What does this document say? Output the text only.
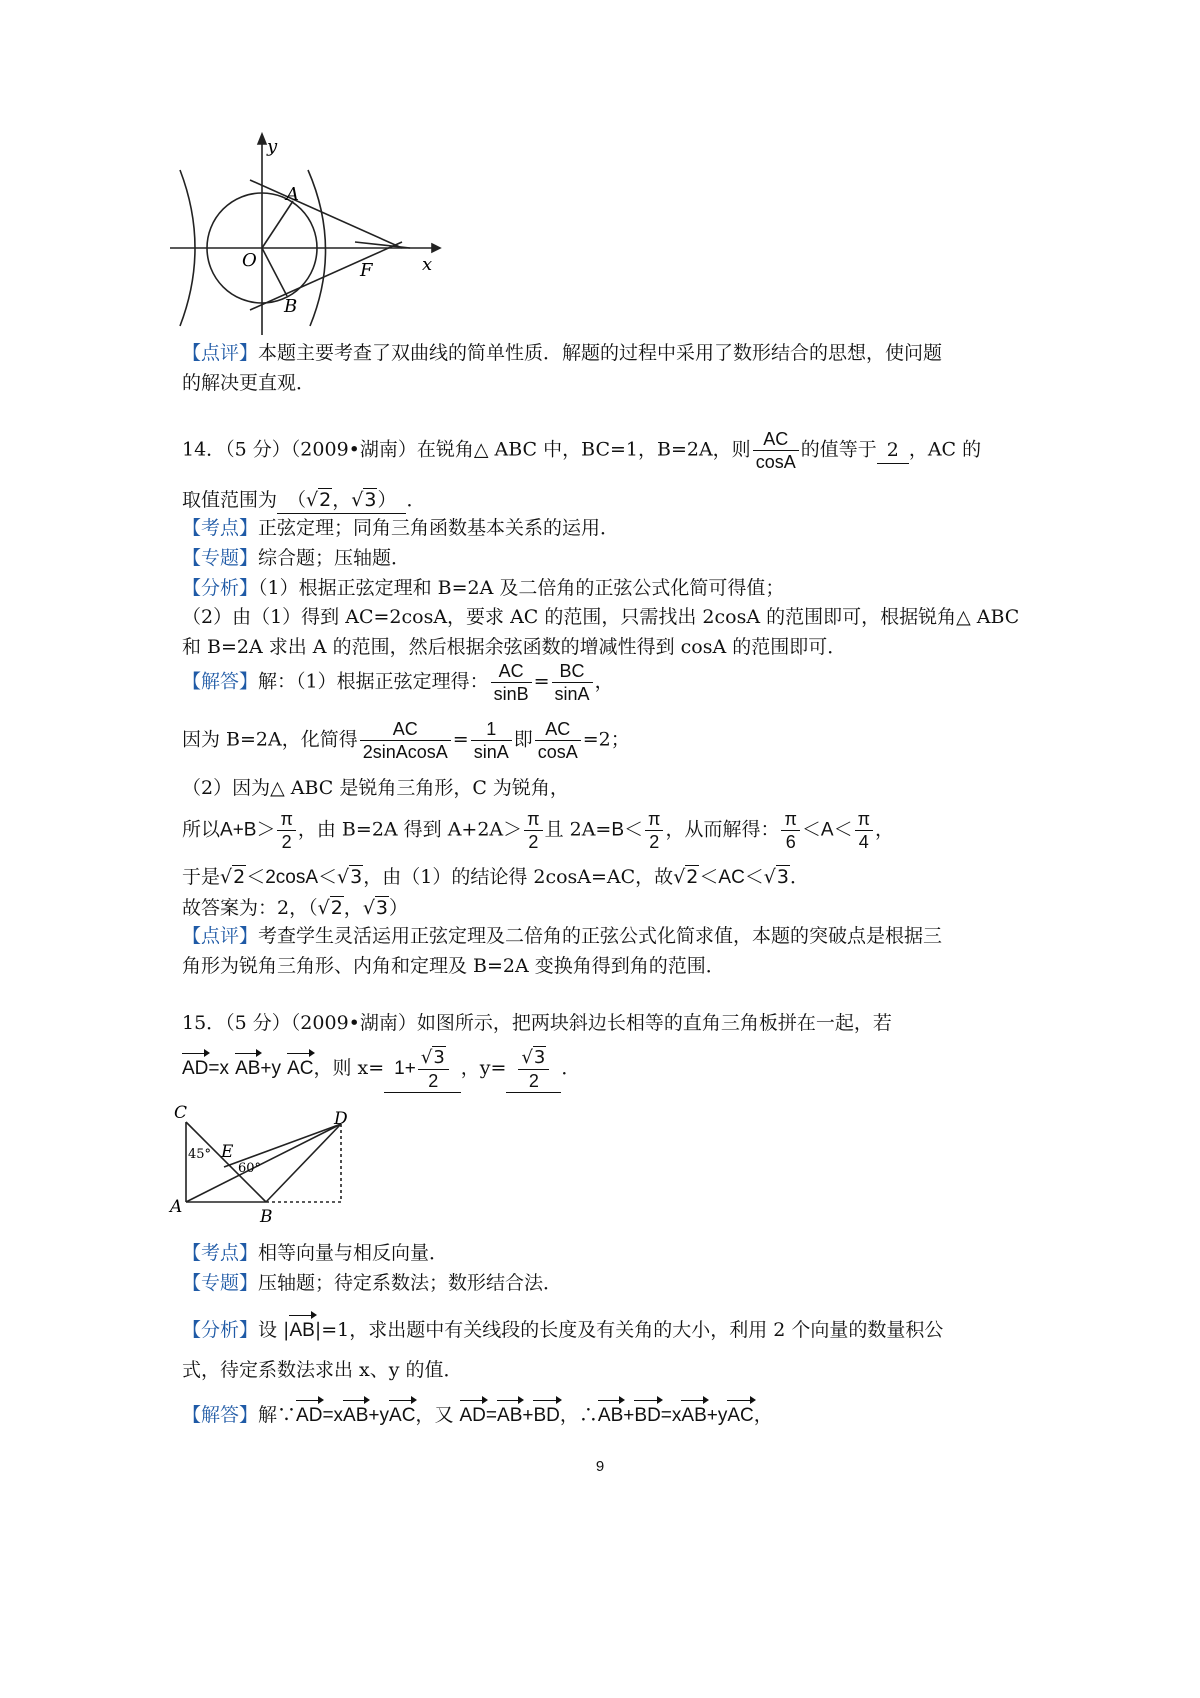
y
x
O
A
B
F
【点评】本题主要考查了双曲线的简单性质．解题的过程中采用了数形结合的思想，使问题
的解决更直观．
14．（5 分）（2009•湖南）在锐角△ ABC 中，BC=1，B=2A，则 $\frac{AC}{\cos A}$ 的值等于 2 ，AC 的
取值范围为 （√2，√3） ．
【考点】正弦定理；同角三角函数基本关系的运用．
【专题】综合题；压轴题．
【分析】（1）根据正弦定理和 B=2A 及二倍角的正弦公式化简可得值；
（2）由（1）得到 AC=2cosA，要求 AC 的范围，只需找出 2cosA 的范围即可，根据锐角△ ABC
和 B=2A 求出 A 的范围，然后根据余弦函数的增减性得到 cosA 的范围即可．
【解答】解：（1）根据正弦定理得： $\frac{AC}{\sin B} = \frac{BC}{\sin A}$ ，
因为 B=2A，化简得 $\frac{AC}{\text{2sinAcosA}} = \frac{1}{\sin A}$ 即 $\frac{AC}{\cos A} =2$；
（2）因为△ ABC 是锐角三角形，C 为锐角，
所以$A+B> \frac{\pi}{2}$ ，由 B=2A 得到 $A+2A> \frac{\pi}{2}$ 且 $2A=B< \frac{\pi}{2}$ ，从而解得： $\frac{\pi}{6} <A< \frac{\pi}{4}$ ，
于是√2＜2cosA＜√3，由（1）的结论得 2cosA=AC，故√2＜AC＜√3．
故答案为：2，（√2，√3）
【点评】考查学生灵活运用正弦定理及二倍角的正弦公式化简求值，本题的突破点是根据三
角形为锐角三角形、内角和定理及 B=2A 变换角得到角的范围．
15．（5 分）（2009•湖南）如图所示，把两块斜边长相等的直角三角板拼在一起，若
AD=x AB+y AC，则 $x= 1+ \frac{√3}{2}$ ，$y= \frac{√3}{2}$ ．
C	D
E
A	B
45°
60°
【考点】相等向量与相反向量．
【专题】压轴题；待定系数法；数形结合法．
【分析】设 |AB|=1，求出题中有关线段的长度及有关角的大小，利用 2 个向量的数量积公
式，待定系数法求出 x、y 的值．
【解答】解∵AD=xAB+yAC，又 AD=AB+BD，∴AB+BD=xAB+yAC，
9
